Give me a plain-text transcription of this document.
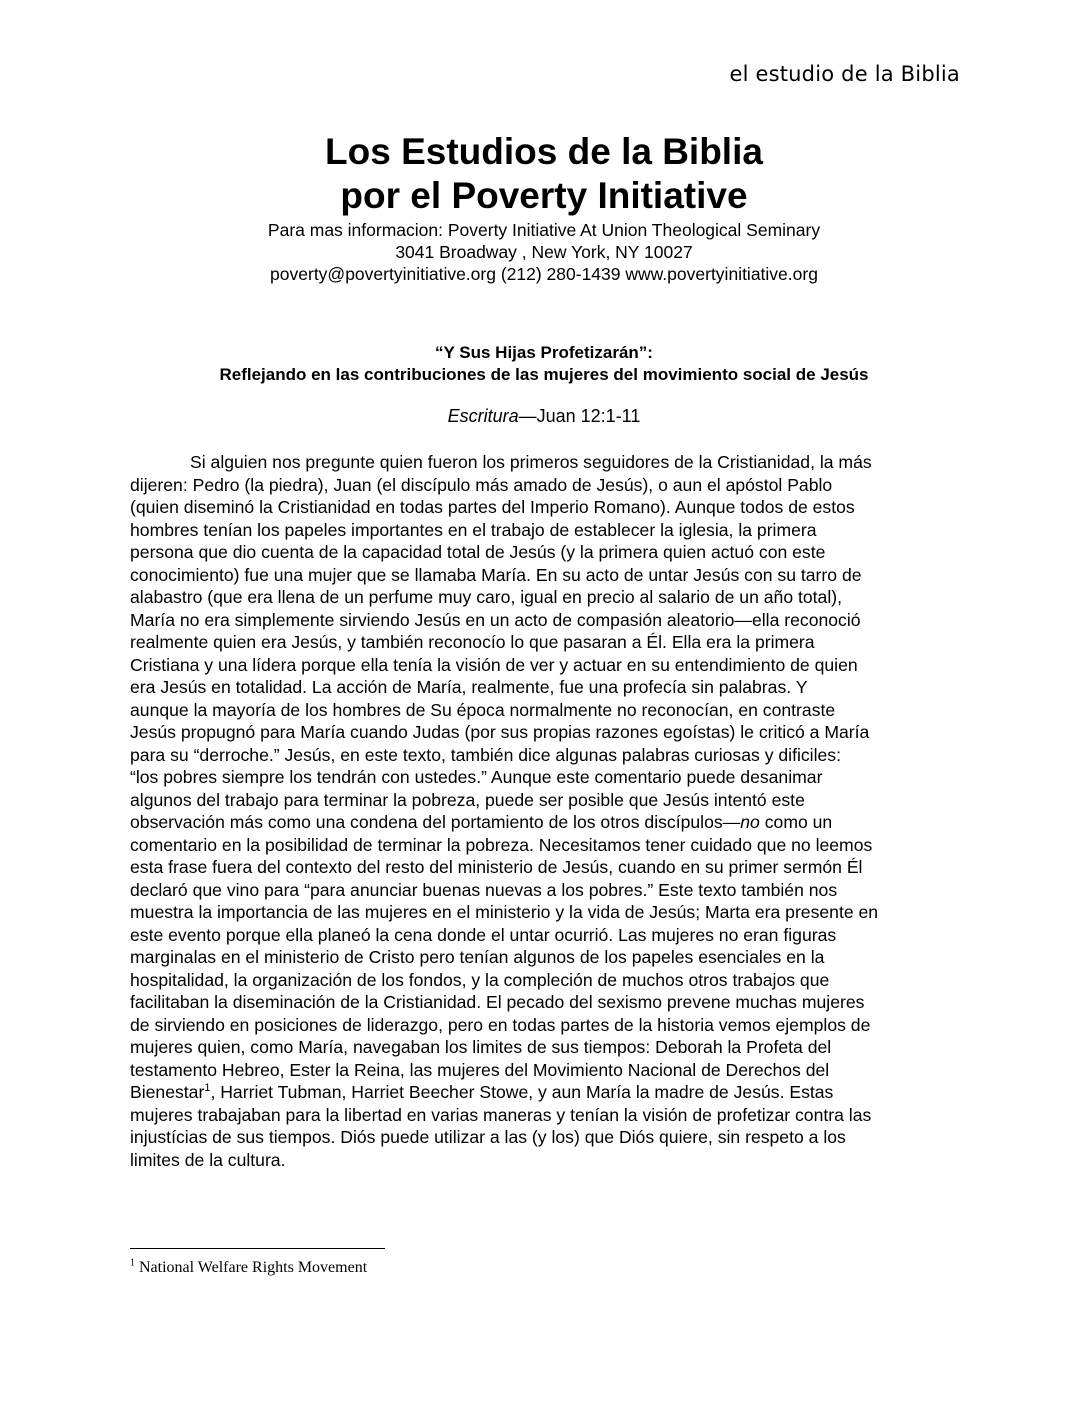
el estudio de la Biblia
Los Estudios de la Biblia
por el Poverty Initiative
Para mas informacion: Poverty Initiative At Union Theological Seminary
3041 Broadway , New York, NY 10027
poverty@povertyinitiative.org (212) 280-1439 www.povertyinitiative.org
“Y Sus Hijas Profetizarán”:
Reflejando en las contribuciones de las mujeres del movimiento social de Jesús
Escritura—Juan 12:1-11
Si alguien nos pregunte quien fueron los primeros seguidores de la Cristianidad, la más
dijeren: Pedro (la piedra), Juan (el discípulo más amado de Jesús), o aun el apóstol Pablo
(quien diseminó la Cristianidad en todas partes del Imperio Romano). Aunque todos de estos
hombres tenían los papeles importantes en el trabajo de establecer la iglesia, la primera
persona que dio cuenta de la capacidad total de Jesús (y la primera quien actuó con este
conocimiento) fue una mujer que se llamaba María. En su acto de untar Jesús con su tarro de
alabastro (que era llena de un perfume muy caro, igual en precio al salario de un año total),
María no era simplemente sirviendo Jesús en un acto de compasión aleatorio—ella reconoció
realmente quien era Jesús, y también reconocío lo que pasaran a Él. Ella era la primera
Cristiana y una lídera porque ella tenía la visión de ver y actuar en su entendimiento de quien
era Jesús en totalidad. La acción de María, realmente, fue una profecía sin palabras. Y
aunque la mayoría de los hombres de Su época normalmente no reconocían, en contraste
Jesús propugnó para María cuando Judas (por sus propias razones egoístas) le criticó a María
para su “derroche.” Jesús, en este texto, también dice algunas palabras curiosas y dificiles:
“los pobres siempre los tendrán con ustedes.” Aunque este comentario puede desanimar
algunos del trabajo para terminar la pobreza, puede ser posible que Jesús intentó este
observación más como una condena del portamiento de los otros discípulos—no como un
comentario en la posibilidad de terminar la pobreza. Necesitamos tener cuidado que no leemos
esta frase fuera del contexto del resto del ministerio de Jesús, cuando en su primer sermón Él
declaró que vino para “para anunciar buenas nuevas a los pobres.” Este texto también nos
muestra la importancia de las mujeres en el ministerio y la vida de Jesús; Marta era presente en
este evento porque ella planeó la cena donde el untar ocurrió. Las mujeres no eran figuras
marginalas en el ministerio de Cristo pero tenían algunos de los papeles esenciales en la
hospitalidad, la organización de los fondos, y la compleción de muchos otros trabajos que
facilitaban la diseminación de la Cristianidad. El pecado del sexismo prevene muchas mujeres
de sirviendo en posiciones de liderazgo, pero en todas partes de la historia vemos ejemplos de
mujeres quien, como María, navegaban los limites de sus tiempos: Deborah la Profeta del
testamento Hebreo, Ester la Reina, las mujeres del Movimiento Nacional de Derechos del
Bienestar$^1$, Harriet Tubman, Harriet Beecher Stowe, y aun María la madre de Jesús. Estas
mujeres trabajaban para la libertad en varias maneras y tenían la visión de profetizar contra las
injustícias de sus tiempos. Diós puede utilizar a las (y los) que Diós quiere, sin respeto a los
limites de la cultura.
$^1$ National Welfare Rights Movement
